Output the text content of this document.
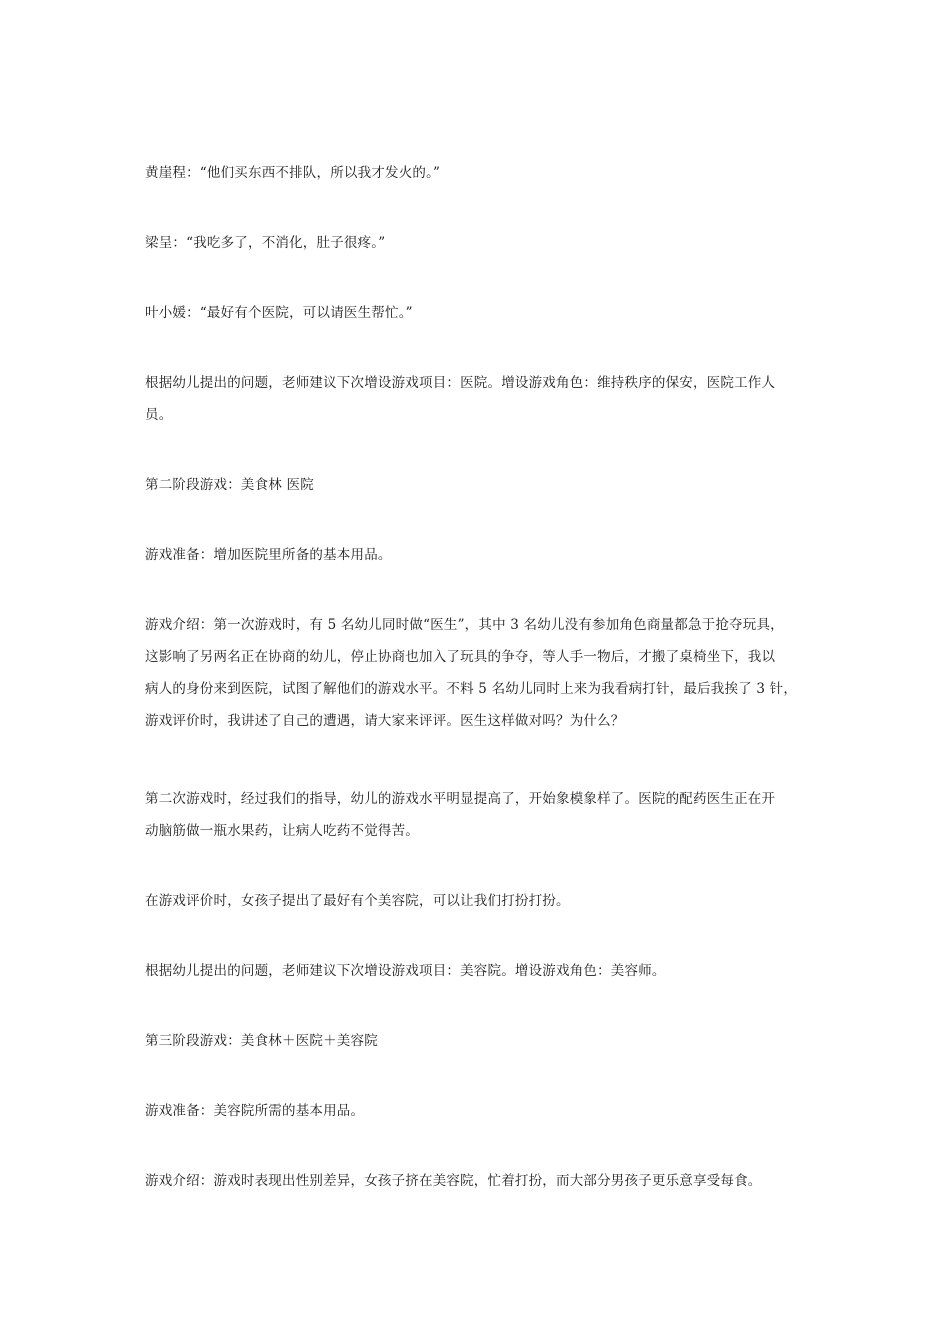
黄崖程：“他们买东西不排队，所以我才发火的。”

梁呈：“我吃多了，不消化，肚子很疼。”

叶小媛：“最好有个医院，可以请医生帮忙。”

根据幼儿提出的问题，老师建议下次增设游戏项目：医院。增设游戏角色：维持秩序的保安，医院工作人
员。

第二阶段游戏：美食林 医院

游戏准备：增加医院里所备的基本用品。

游戏介绍：第一次游戏时，有 5 名幼儿同时做“医生”，其中 3 名幼儿没有参加角色商量都急于抢夺玩具，
这影响了另两名正在协商的幼儿，停止协商也加入了玩具的争夺，等人手一物后，才搬了桌椅坐下，我以
病人的身份来到医院，试图了解他们的游戏水平。不料 5 名幼儿同时上来为我看病打针，最后我挨了 3 针，
游戏评价时，我讲述了自己的遭遇，请大家来评评。医生这样做对吗？为什么？

第二次游戏时，经过我们的指导，幼儿的游戏水平明显提高了，开始象模象样了。医院的配药医生正在开
动脑筋做一瓶水果药，让病人吃药不觉得苦。

在游戏评价时，女孩子提出了最好有个美容院，可以让我们打扮打扮。

根据幼儿提出的问题，老师建议下次增设游戏项目：美容院。增设游戏角色：美容师。

第三阶段游戏：美食林＋医院＋美容院

游戏准备：美容院所需的基本用品。

游戏介绍：游戏时表现出性别差异，女孩子挤在美容院，忙着打扮，而大部分男孩子更乐意享受每食。
